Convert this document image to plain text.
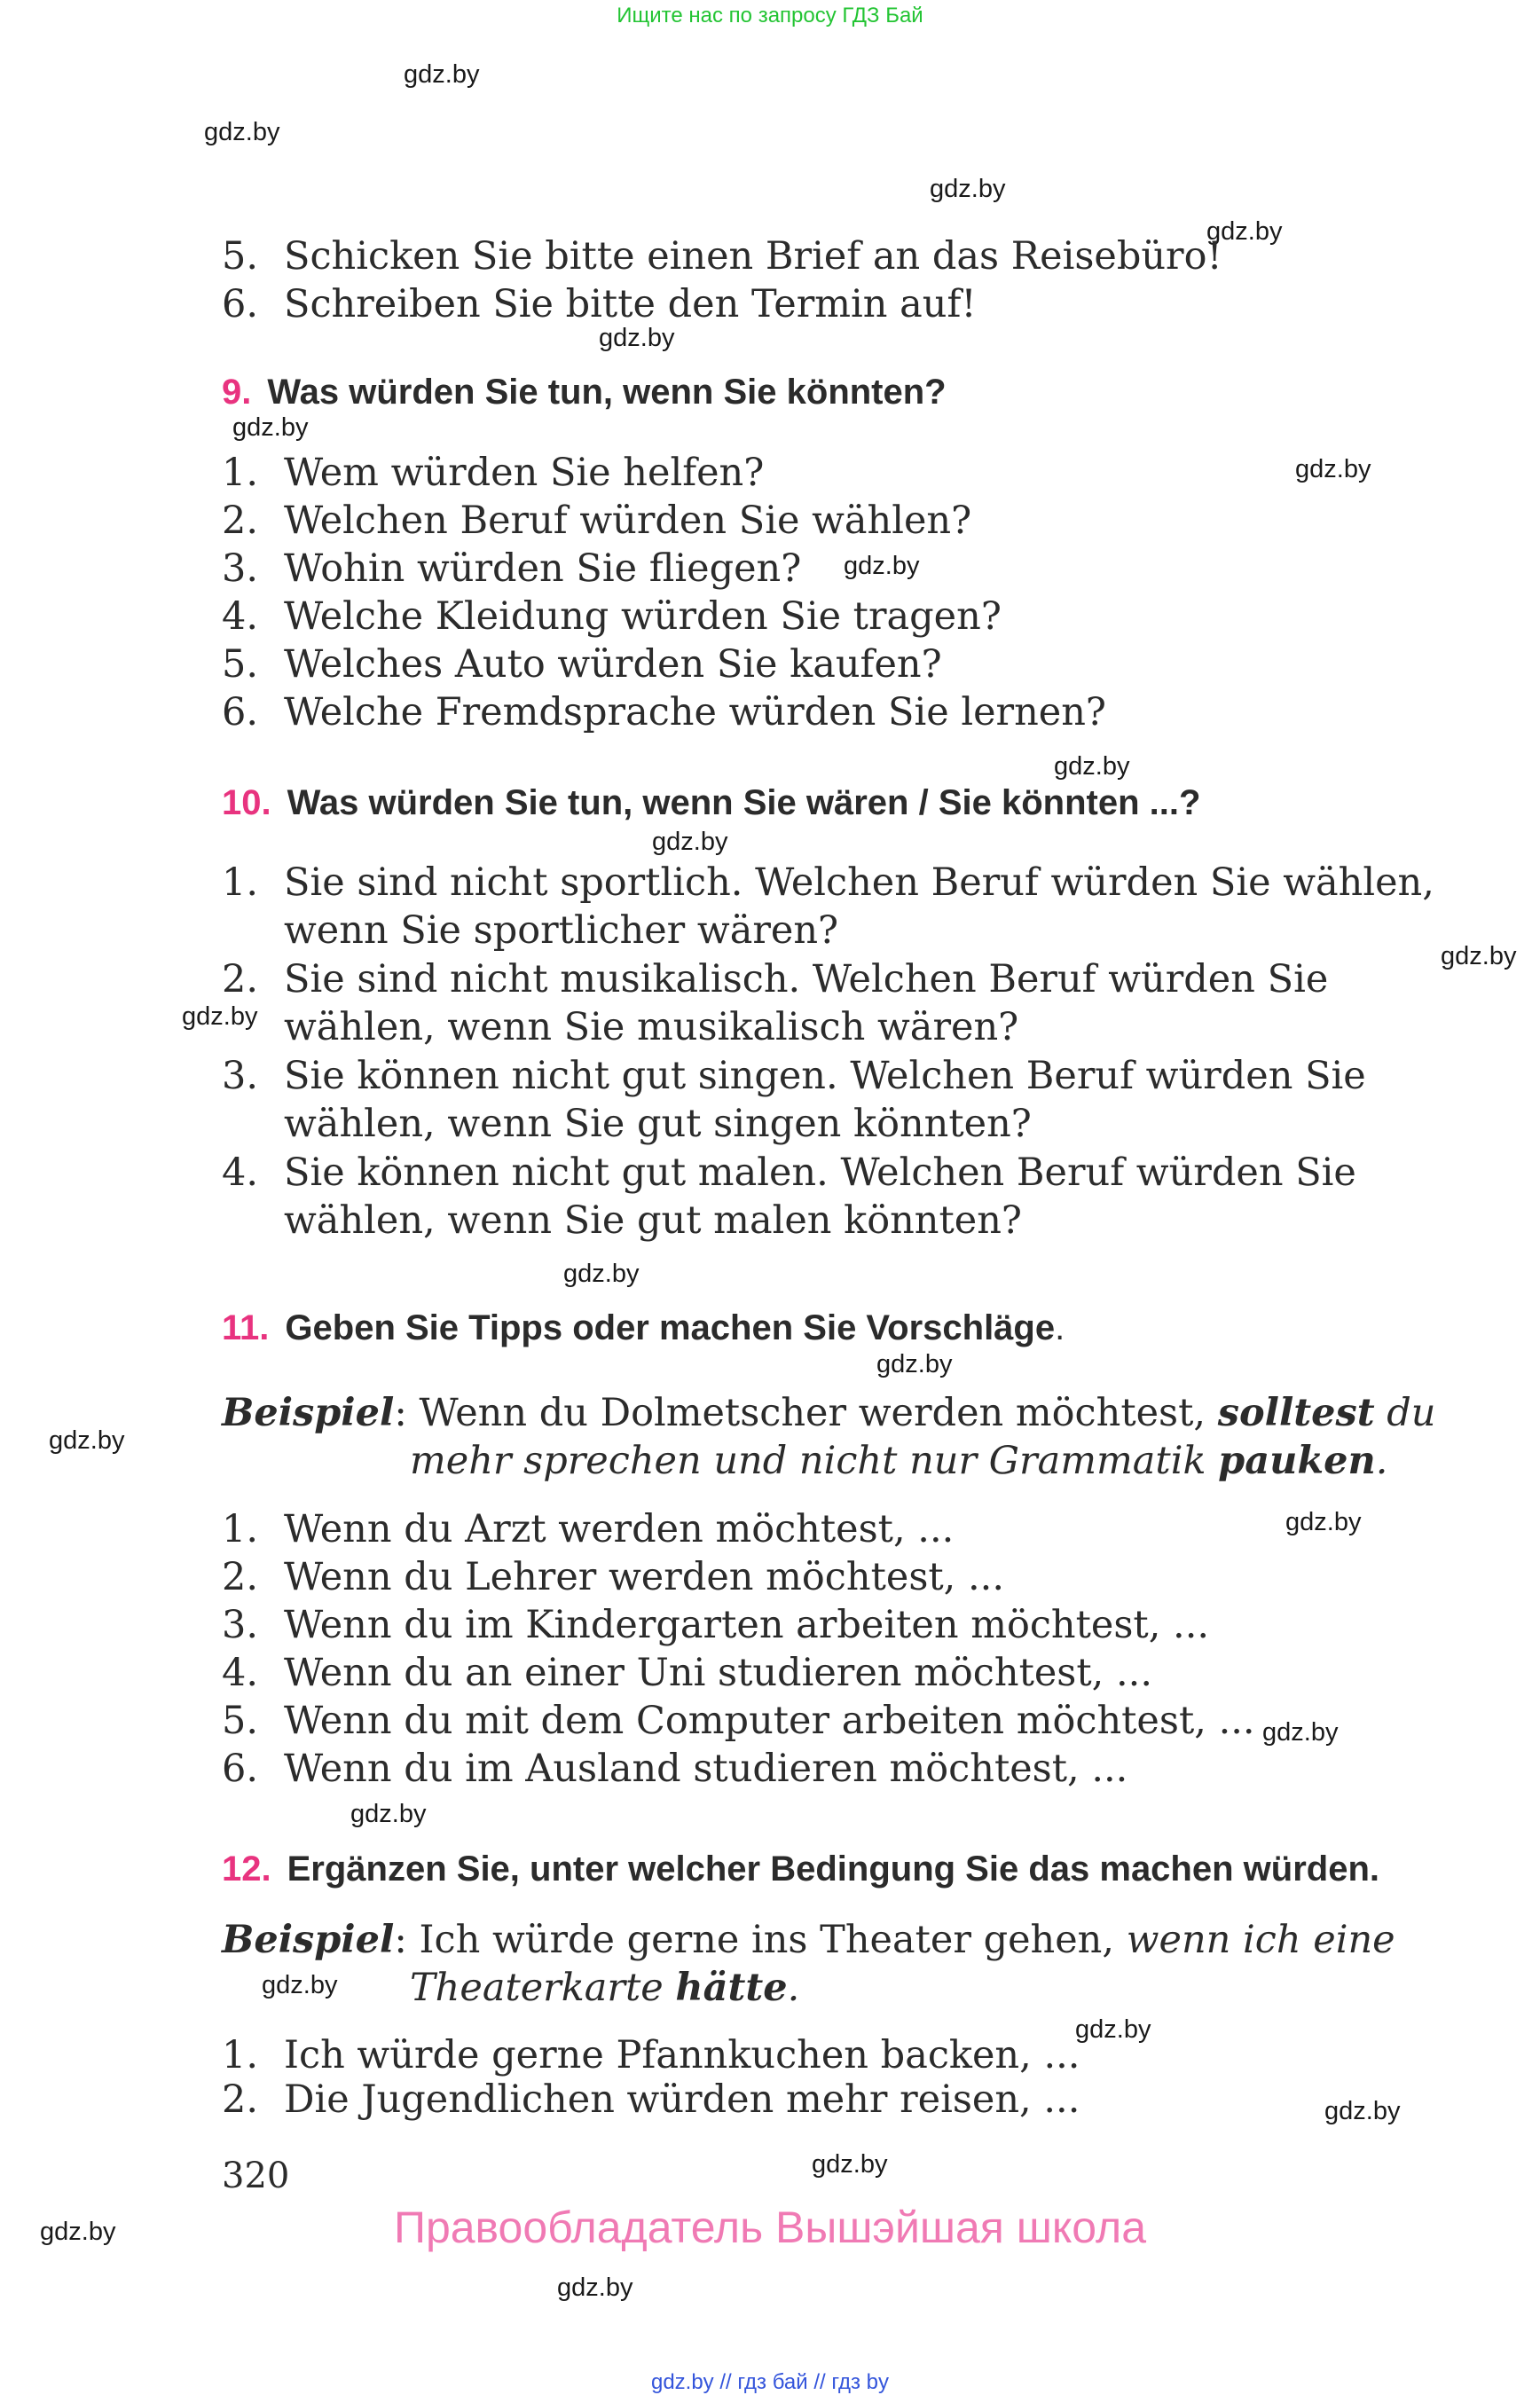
Ищите нас по запросу ГДЗ Бай
gdz.by
gdz.by
gdz.by
gdz.by
gdz.by
gdz.by
gdz.by
gdz.by
gdz.by
gdz.by
gdz.by
gdz.by
gdz.by
gdz.by
gdz.by
gdz.by
gdz.by
gdz.by
gdz.by
gdz.by
gdz.by
gdz.by
gdz.by
gdz.by
5. Schicken Sie bitte einen Brief an das Reisebüro!
6. Schreiben Sie bitte den Termin auf!
9. Was würden Sie tun, wenn Sie könnten?
1. Wem würden Sie helfen?
2. Welchen Beruf würden Sie wählen?
3. Wohin würden Sie fliegen?
4. Welche Kleidung würden Sie tragen?
5. Welches Auto würden Sie kaufen?
6. Welche Fremdsprache würden Sie lernen?
10. Was würden Sie tun, wenn Sie wären / Sie könnten ...?
1. Sie sind nicht sportlich. Welchen Beruf würden Sie wählen,
wenn Sie sportlicher wären?
2. Sie sind nicht musikalisch. Welchen Beruf würden Sie
wählen, wenn Sie musikalisch wären?
3. Sie können nicht gut singen. Welchen Beruf würden Sie
wählen, wenn Sie gut singen könnten?
4. Sie können nicht gut malen. Welchen Beruf würden Sie
wählen, wenn Sie gut malen könnten?
11. Geben Sie Tipps oder machen Sie Vorschläge.
Beispiel: Wenn du Dolmetscher werden möchtest, solltest du
mehr sprechen und nicht nur Grammatik pauken.
1. Wenn du Arzt werden möchtest, ...
2. Wenn du Lehrer werden möchtest, ...
3. Wenn du im Kindergarten arbeiten möchtest, ...
4. Wenn du an einer Uni studieren möchtest, ...
5. Wenn du mit dem Computer arbeiten möchtest, ...
6. Wenn du im Ausland studieren möchtest, ...
12. Ergänzen Sie, unter welcher Bedingung Sie das machen würden.
Beispiel: Ich würde gerne ins Theater gehen, wenn ich eine
Theaterkarte hätte.
1. Ich würde gerne Pfannkuchen backen, ...
2. Die Jugendlichen würden mehr reisen, ...
320
Правообладатель Вышэйшая школа
gdz.by // гдз бай // гдз by
